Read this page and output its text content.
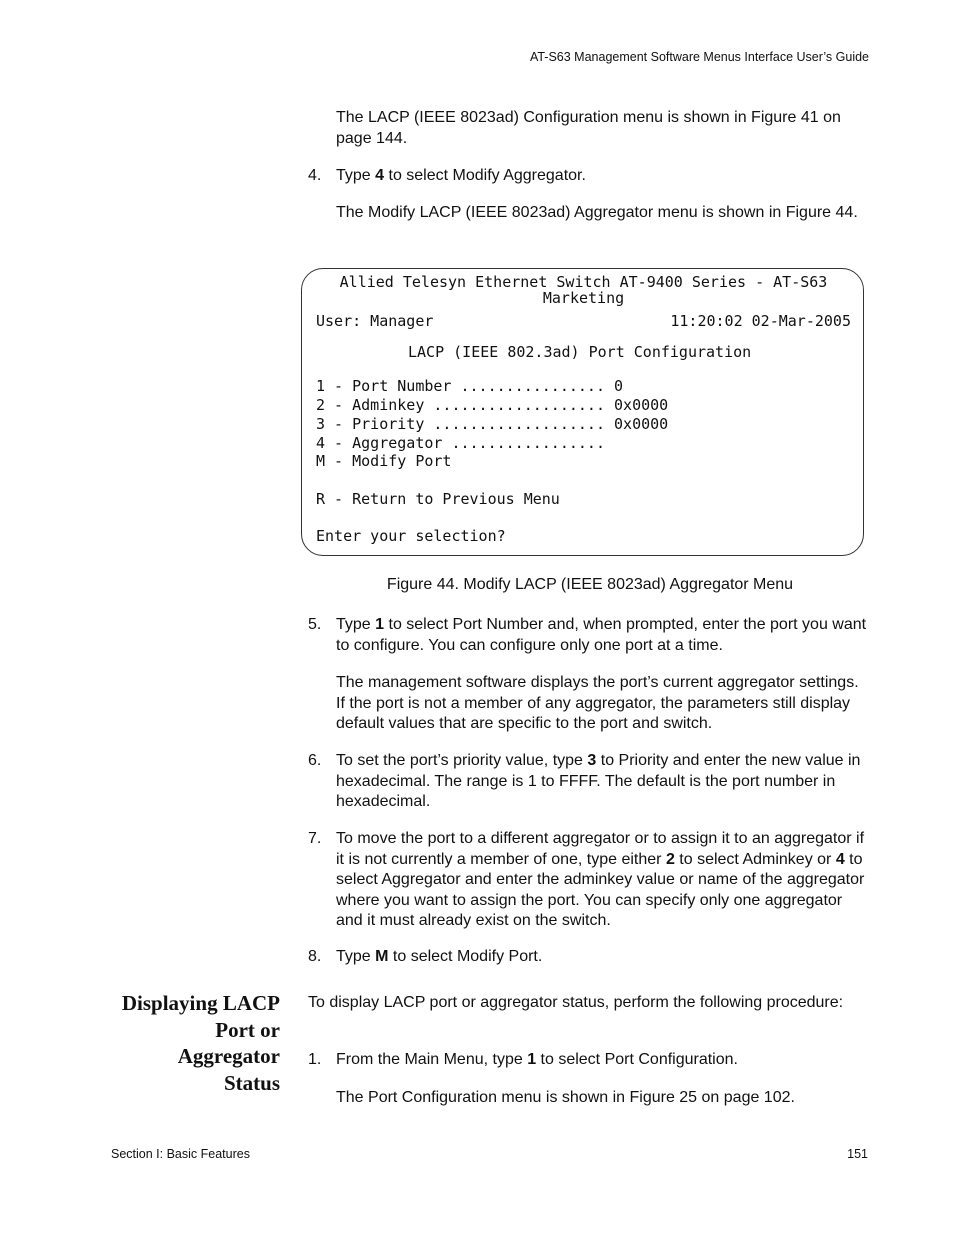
AT-S63 Management Software Menus Interface User’s Guide
The LACP (IEEE 8023ad) Configuration menu is shown in Figure 41 on page 144.
4. Type 4 to select Modify Aggregator.
The Modify LACP (IEEE 8023ad) Aggregator menu is shown in Figure 44.
Allied Telesyn Ethernet Switch AT-9400 Series - AT-S63
Marketing
User: Manager	11:20:02 02-Mar-2005
LACP (IEEE 802.3ad) Port Configuration
1 - Port Number ................ 0
2 - Adminkey ................... 0x0000
3 - Priority ................... 0x0000
4 - Aggregator .................
M - Modify Port
R - Return to Previous Menu
Enter your selection?
Figure 44. Modify LACP (IEEE 8023ad) Aggregator Menu
5. Type 1 to select Port Number and, when prompted, enter the port you want to configure. You can configure only one port at a time.
The management software displays the port’s current aggregator settings. If the port is not a member of any aggregator, the parameters still display default values that are specific to the port and switch.
6. To set the port’s priority value, type 3 to Priority and enter the new value in hexadecimal. The range is 1 to FFFF. The default is the port number in hexadecimal.
7. To move the port to a different aggregator or to assign it to an aggregator if it is not currently a member of one, type either 2 to select Adminkey or 4 to select Aggregator and enter the adminkey value or name of the aggregator where you want to assign the port. You can specify only one aggregator and it must already exist on the switch.
8. Type M to select Modify Port.
Displaying LACP
Port or
Aggregator
Status
To display LACP port or aggregator status, perform the following procedure:
1. From the Main Menu, type 1 to select Port Configuration.
The Port Configuration menu is shown in Figure 25 on page 102.
Section I: Basic Features	151
